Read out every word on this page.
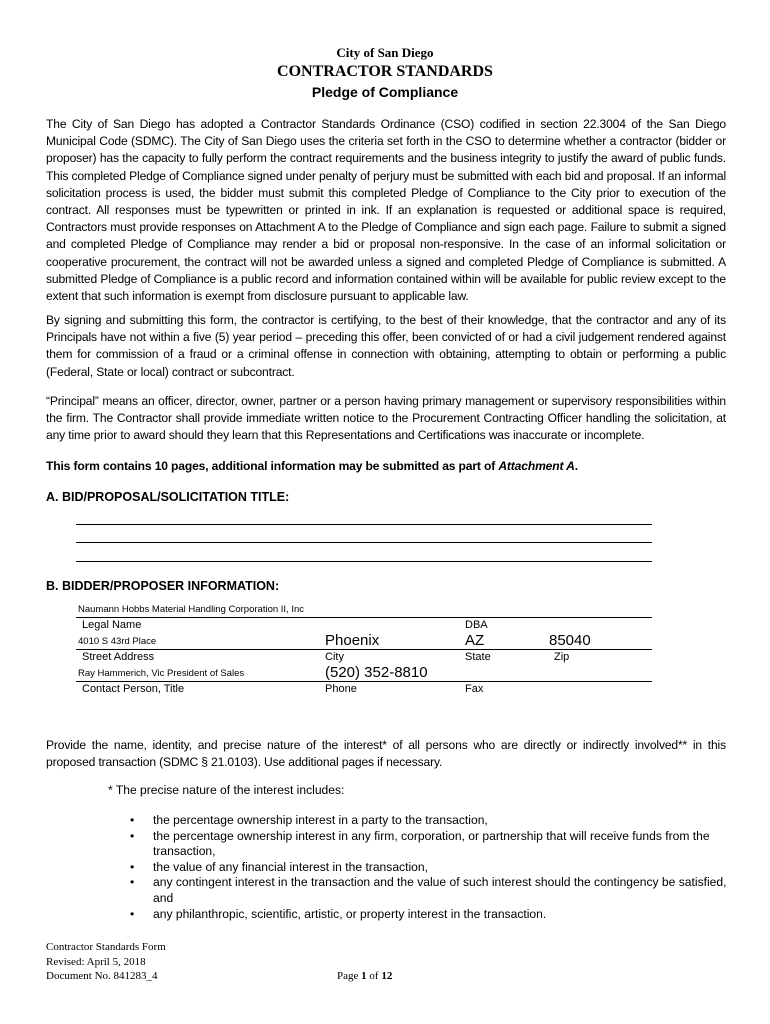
City of San Diego
CONTRACTOR STANDARDS
Pledge of Compliance
The City of San Diego has adopted a Contractor Standards Ordinance (CSO) codified in section 22.3004 of the San Diego Municipal Code (SDMC). The City of San Diego uses the criteria set forth in the CSO to determine whether a contractor (bidder or proposer) has the capacity to fully perform the contract requirements and the business integrity to justify the award of public funds. This completed Pledge of Compliance signed under penalty of perjury must be submitted with each bid and proposal. If an informal solicitation process is used, the bidder must submit this completed Pledge of Compliance to the City prior to execution of the contract. All responses must be typewritten or printed in ink. If an explanation is requested or additional space is required, Contractors must provide responses on Attachment A to the Pledge of Compliance and sign each page. Failure to submit a signed and completed Pledge of Compliance may render a bid or proposal non-responsive. In the case of an informal solicitation or cooperative procurement, the contract will not be awarded unless a signed and completed Pledge of Compliance is submitted. A submitted Pledge of Compliance is a public record and information contained within will be available for public review except to the extent that such information is exempt from disclosure pursuant to applicable law.
By signing and submitting this form, the contractor is certifying, to the best of their knowledge, that the contractor and any of its Principals have not within a five (5) year period – preceding this offer, been convicted of or had a civil judgement rendered against them for commission of a fraud or a criminal offense in connection with obtaining, attempting to obtain or performing a public (Federal, State or local) contract or subcontract.
“Principal” means an officer, director, owner, partner or a person having primary management or supervisory responsibilities within the firm. The Contractor shall provide immediate written notice to the Procurement Contracting Officer handling the solicitation, at any time prior to award should they learn that this Representations and Certifications was inaccurate or incomplete.
This form contains 10 pages, additional information may be submitted as part of Attachment A.
A. BID/PROPOSAL/SOLICITATION TITLE:
B. BIDDER/PROPOSER INFORMATION:
Naumann Hobbs Material Handling Corporation II, Inc
Legal Name	DBA
4010 S 43rd Place	Phoenix	AZ	85040
Street Address	City	State	Zip
Ray Hammerich, Vic President of Sales	(520) 352-8810
Contact Person, Title	Phone	Fax
Provide the name, identity, and precise nature of the interest* of all persons who are directly or indirectly involved** in this proposed transaction (SDMC § 21.0103). Use additional pages if necessary.
* The precise nature of the interest includes:
• the percentage ownership interest in a party to the transaction,
• the percentage ownership interest in any firm, corporation, or partnership that will receive funds from the transaction,
• the value of any financial interest in the transaction,
• any contingent interest in the transaction and the value of such interest should the contingency be satisfied, and
• any philanthropic, scientific, artistic, or property interest in the transaction.
Contractor Standards Form
Revised: April 5, 2018
Document No. 841283_4	Page 1 of 12
